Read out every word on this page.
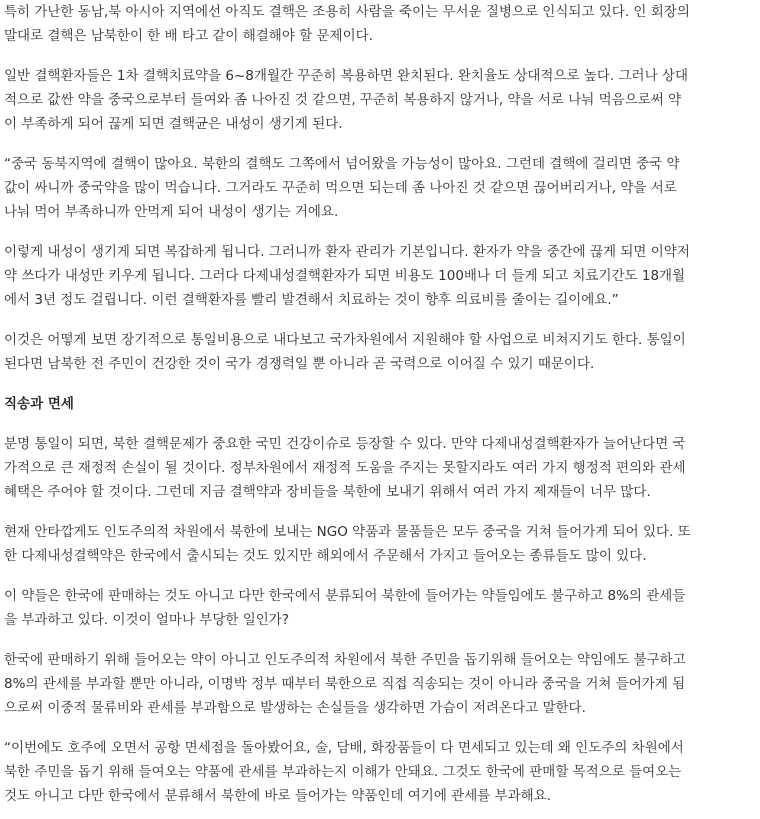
특히 가난한 동남,북 아시아 지역에선 아직도 결핵은 조용히 사람을 죽이는 무서운 질병으로 인식되고 있다. 인 회장의
말대로 결핵은 남북한이 한 배 타고 같이 해결해야 할 문제이다.

일반 결핵환자들은 1차 결핵치료약을 6~8개월간 꾸준히 복용하면 완치된다. 완치율도 상대적으로 높다. 그러나 상대
적으로 값싼 약을 중국으로부터 들여와 좀 나아진 것 같으면, 꾸준히 복용하지 않거나, 약을 서로 나눠 먹음으로써 약
이 부족하게 되어 끊게 되면 결핵균은 내성이 생기게 된다.

“중국 동북지역에 결핵이 많아요. 북한의 결핵도 그쪽에서 넘어왔을 가능성이 많아요. 그런데 결핵에 걸리면 중국 약
값이 싸니까 중국약을 많이 먹습니다. 그거라도 꾸준히 먹으면 되는데 좀 나아진 것 같으면 끊어버리거나, 약을 서로
나눠 먹어 부족하니까 안먹게 되어 내성이 생기는 거에요.

이렇게 내성이 생기게 되면 복잡하게 됩니다. 그러니까 환자 관리가 기본입니다. 환자가 약을 중간에 끊게 되면 이약저
약 쓰다가 내성만 키우게 됩니다. 그러다 다제내성결핵환자가 되면 비용도 100배나 더 들게 되고 치료기간도 18개월
에서 3년 정도 걸립니다. 이런 결핵환자를 빨리 발견해서 치료하는 것이 향후 의료비를 줄이는 길이에요.”

이것은 어떻게 보면 장기적으로 통일비용으로 내다보고 국가차원에서 지원해야 할 사업으로 비쳐지기도 한다. 통일이
된다면 남북한 전 주민이 건강한 것이 국가 경쟁력일 뿐 아니라 곧 국력으로 이어질 수 있기 때문이다.

직송과 면세

분명 통일이 되면, 북한 결핵문제가 중요한 국민 건강이슈로 등장할 수 있다. 만약 다제내성결핵환자가 늘어난다면 국
가적으로 큰 재정적 손실이 될 것이다. 정부차원에서 재정적 도움을 주지는 못할지라도 여러 가지 행정적 편의와 관세
혜택은 주어야 할 것이다. 그런데 지금 결핵약과 장비들을 북한에 보내기 위해서 여러 가지 제재들이 너무 많다.

현재 안타깝게도 인도주의적 차원에서 북한에 보내는 NGO 약품과 물품들은 모두 중국을 거쳐 들어가게 되어 있다. 또
한 다제내성결핵약은 한국에서 출시되는 것도 있지만 해외에서 주문해서 가지고 들어오는 종류들도 많이 있다.

이 약들은 한국에 판매하는 것도 아니고 다만 한국에서 분류되어 북한에 들어가는 약들임에도 불구하고 8%의 관세들
을 부과하고 있다. 이것이 얼마나 부당한 일인가?

한국에 판매하기 위해 들어오는 약이 아니고 인도주의적 차원에서 북한 주민을 돕기위해 들어오는 약임에도 불구하고
8%의 관세를 부과할 뿐만 아니라, 이명박 정부 때부터 북한으로 직접 직송되는 것이 아니라 중국을 거쳐 들어가게 됨
으로써 이중적 물류비와 관세를 부과함으로 발생하는 손실들을 생각하면 가슴이 저려온다고 말한다.

“이번에도 호주에 오면서 공항 면세점을 돌아봤어요, 술, 담배, 화장품들이 다 면세되고 있는데 왜 인도주의 차원에서
북한 주민을 돕기 위해 들여오는 약품에 관세를 부과하는지 이해가 안돼요. 그것도 한국에 판매할 목적으로 들여오는
것도 아니고 다만 한국에서 분류해서 북한에 바로 들어가는 약품인데 여기에 관세를 부과해요.
